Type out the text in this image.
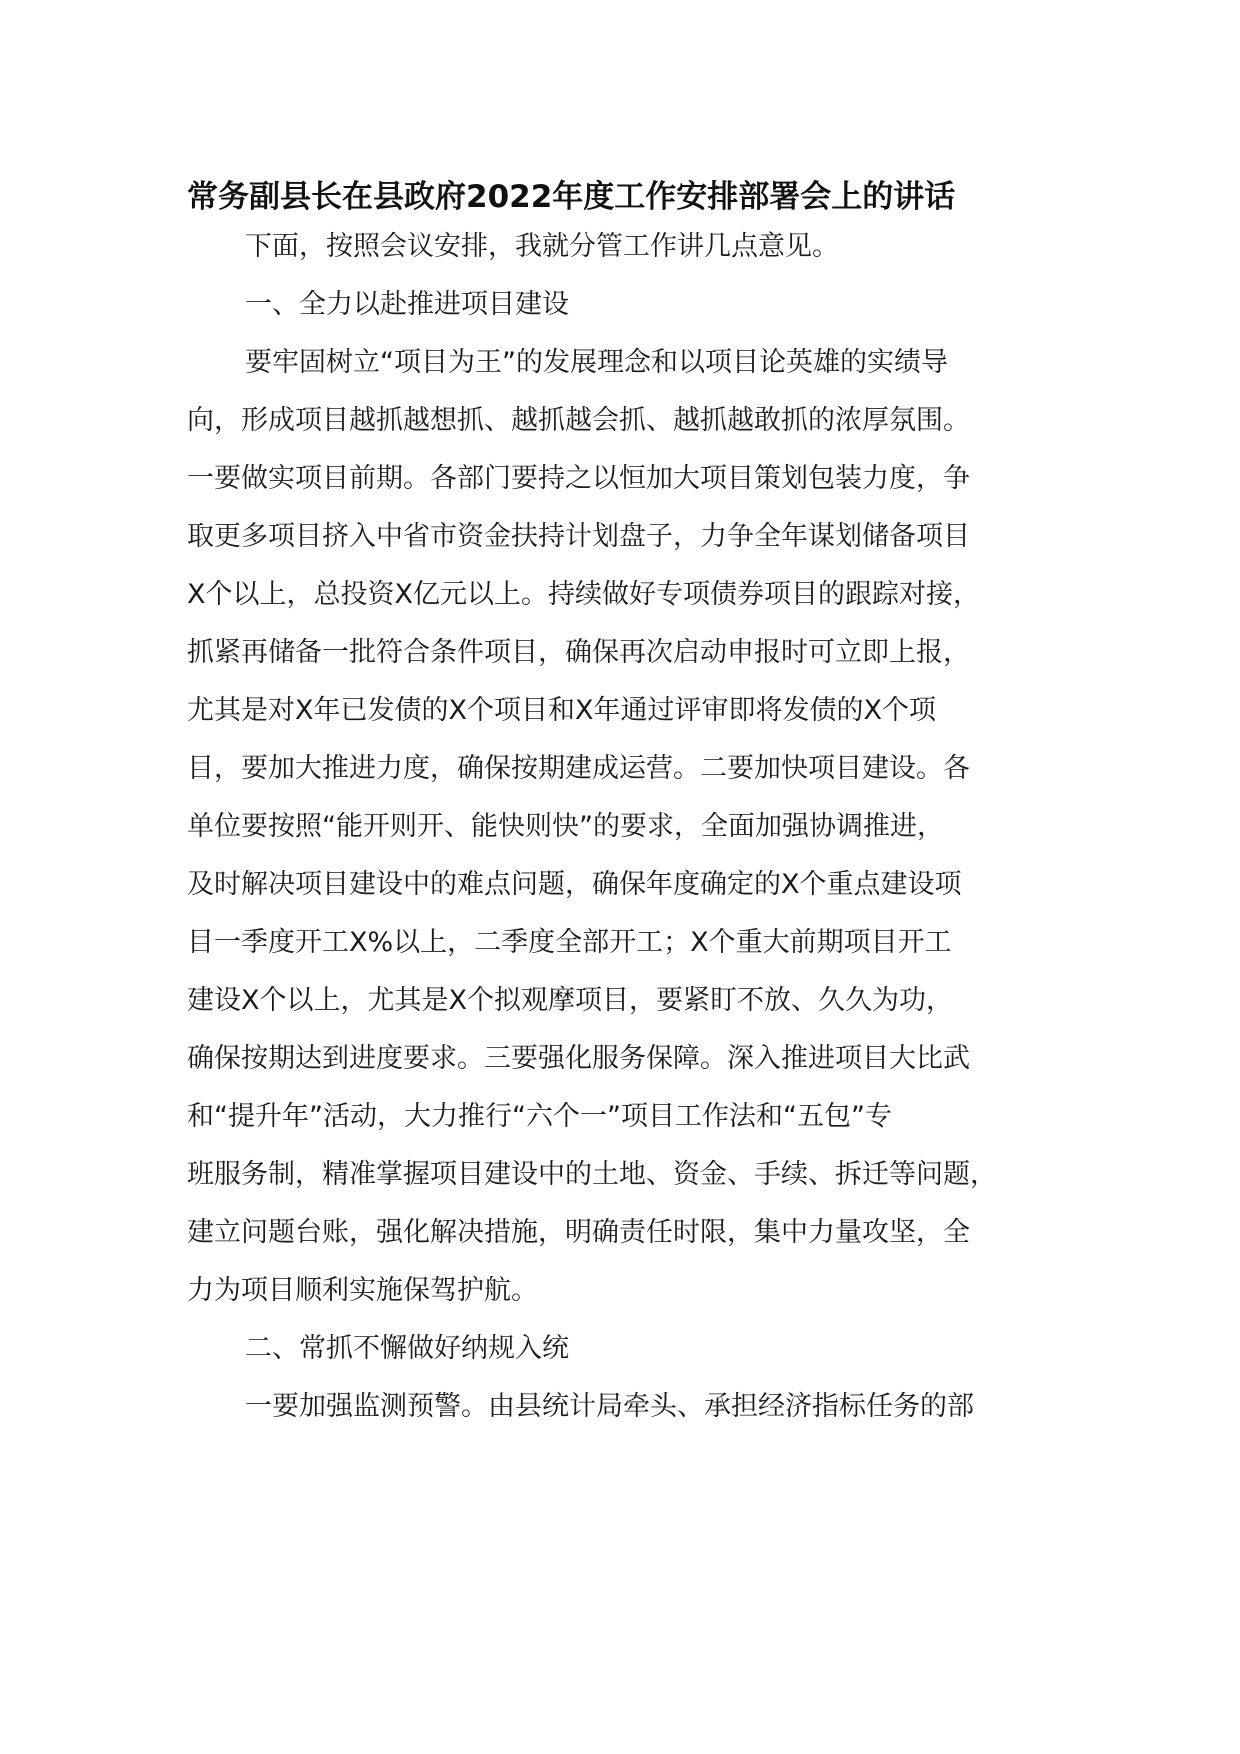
常务副县长在县政府2022年度工作安排部署会上的讲话

下面，按照会议安排，我就分管工作讲几点意见。

一、全力以赴推进项目建设

要牢固树立“项目为王”的发展理念和以项目论英雄的实绩导

向，形成项目越抓越想抓、越抓越会抓、越抓越敢抓的浓厚氛围。

一要做实项目前期。各部门要持之以恒加大项目策划包装力度，争

取更多项目挤入中省市资金扶持计划盘子，力争全年谋划储备项目

X个以上，总投资X亿元以上。持续做好专项债券项目的跟踪对接，

抓紧再储备一批符合条件项目，确保再次启动申报时可立即上报，

尤其是对X年已发债的X个项目和X年通过评审即将发债的X个项

目，要加大推进力度，确保按期建成运营。二要加快项目建设。各

单位要按照“能开则开、能快则快”的要求，全面加强协调推进，

及时解决项目建设中的难点问题，确保年度确定的X个重点建设项

目一季度开工X%以上，二季度全部开工；X个重大前期项目开工

建设X个以上，尤其是X个拟观摩项目，要紧盯不放、久久为功，

确保按期达到进度要求。三要强化服务保障。深入推进项目大比武

和“提升年”活动，大力推行“六个一”项目工作法和“五包”专

班服务制，精准掌握项目建设中的土地、资金、手续、拆迁等问题，

建立问题台账，强化解决措施，明确责任时限，集中力量攻坚，全

力为项目顺利实施保驾护航。

二、常抓不懈做好纳规入统

一要加强监测预警。由县统计局牵头、承担经济指标任务的部
